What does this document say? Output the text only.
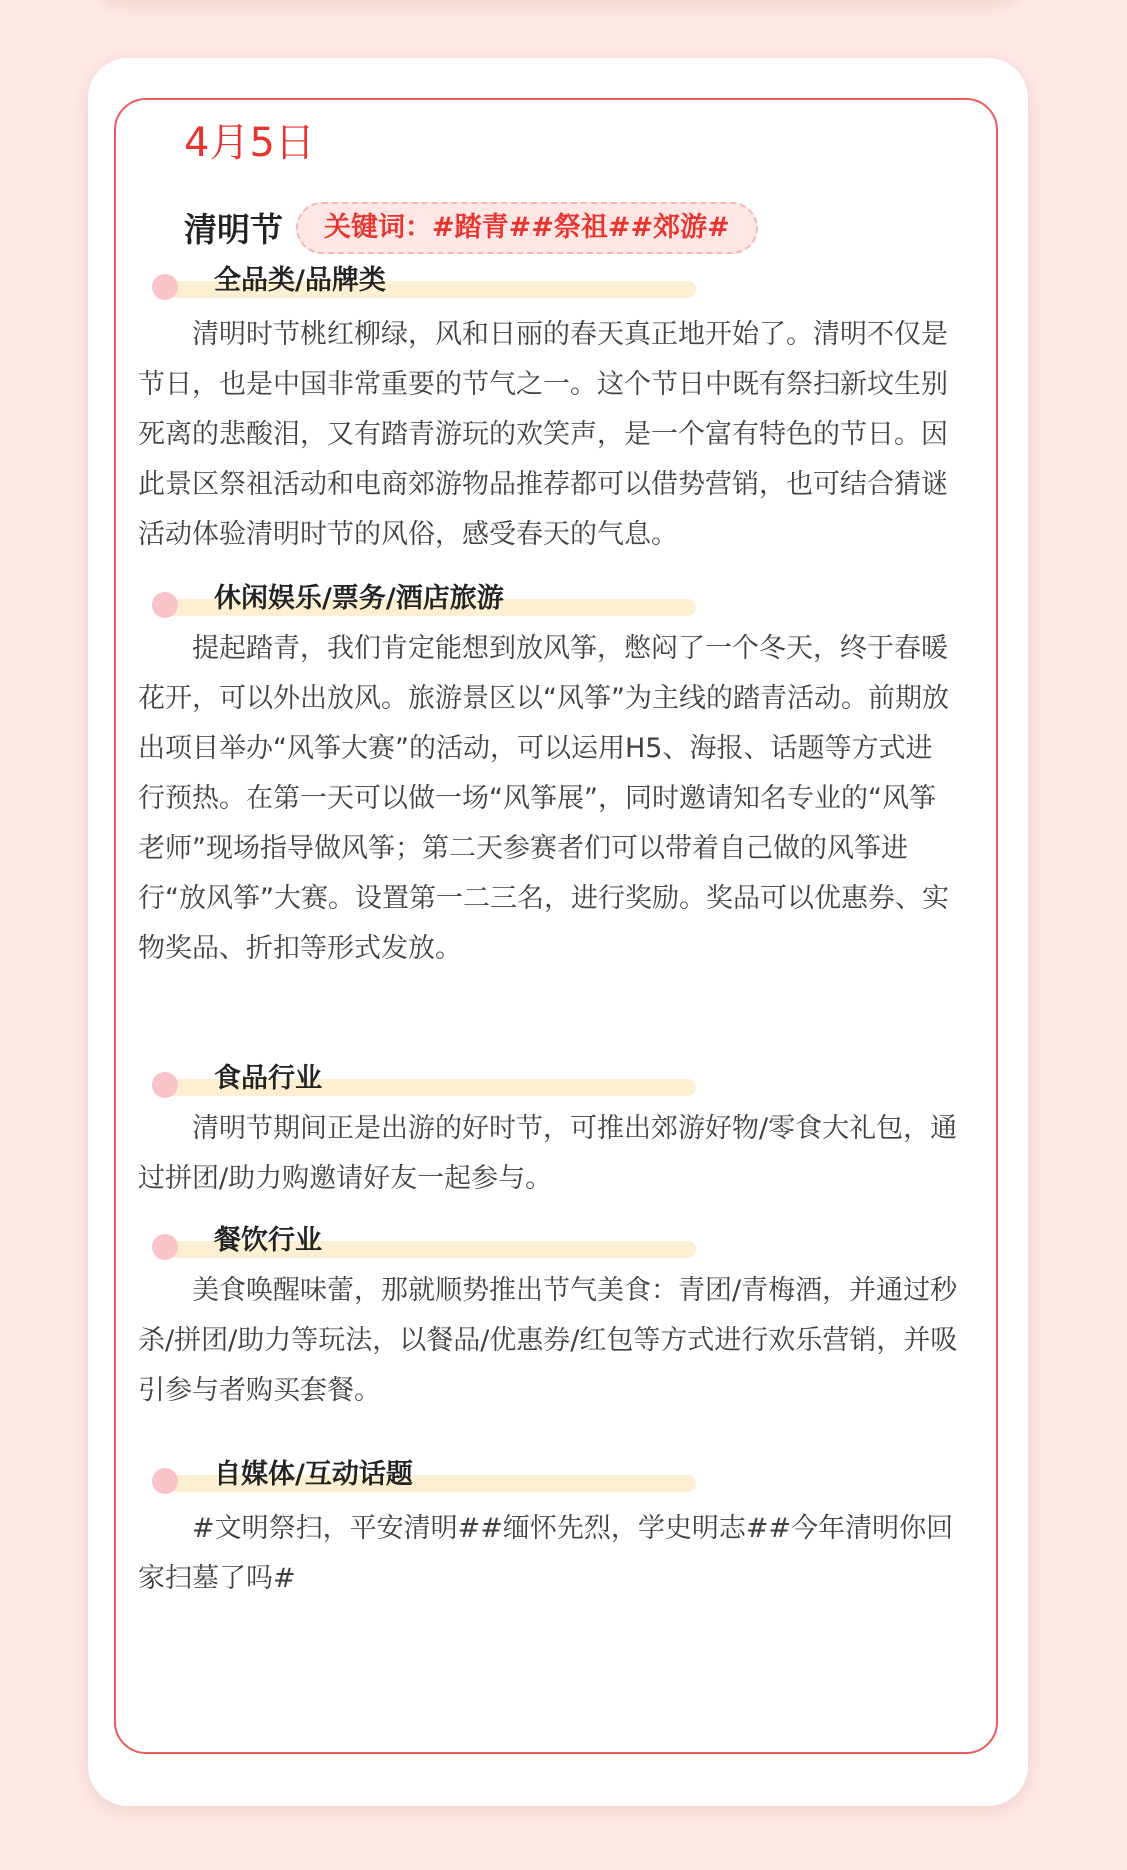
4月5日
清明节	关键词：#踏青##祭祖##郊游#
全品类/品牌类

清明时节桃红柳绿，风和日丽的春天真正地开始了。清明不仅是节日，也是中国非常重要的节气之一。这个节日中既有祭扫新坟生别死离的悲酸泪，又有踏青游玩的欢笑声，是一个富有特色的节日。因此景区祭祖活动和电商郊游物品推荐都可以借势营销，也可结合猜谜活动体验清明时节的风俗，感受春天的气息。

休闲娱乐/票务/酒店旅游

提起踏青，我们肯定能想到放风筝，憋闷了一个冬天，终于春暖花开，可以外出放风。旅游景区以“风筝”为主线的踏青活动。前期放出项目举办“风筝大赛”的活动，可以运用H5、海报、话题等方式进行预热。在第一天可以做一场“风筝展”，同时邀请知名专业的“风筝老师”现场指导做风筝；第二天参赛者们可以带着自己做的风筝进行“放风筝”大赛。设置第一二三名，进行奖励。奖品可以优惠券、实物奖品、折扣等形式发放。

食品行业

清明节期间正是出游的好时节，可推出郊游好物/零食大礼包，通过拼团/助力购邀请好友一起参与。

餐饮行业

美食唤醒味蕾，那就顺势推出节气美食：青团/青梅酒，并通过秒杀/拼团/助力等玩法，以餐品/优惠券/红包等方式进行欢乐营销，并吸引参与者购买套餐。

自媒体/互动话题

#文明祭扫，平安清明##缅怀先烈，学史明志##今年清明你回家扫墓了吗#
